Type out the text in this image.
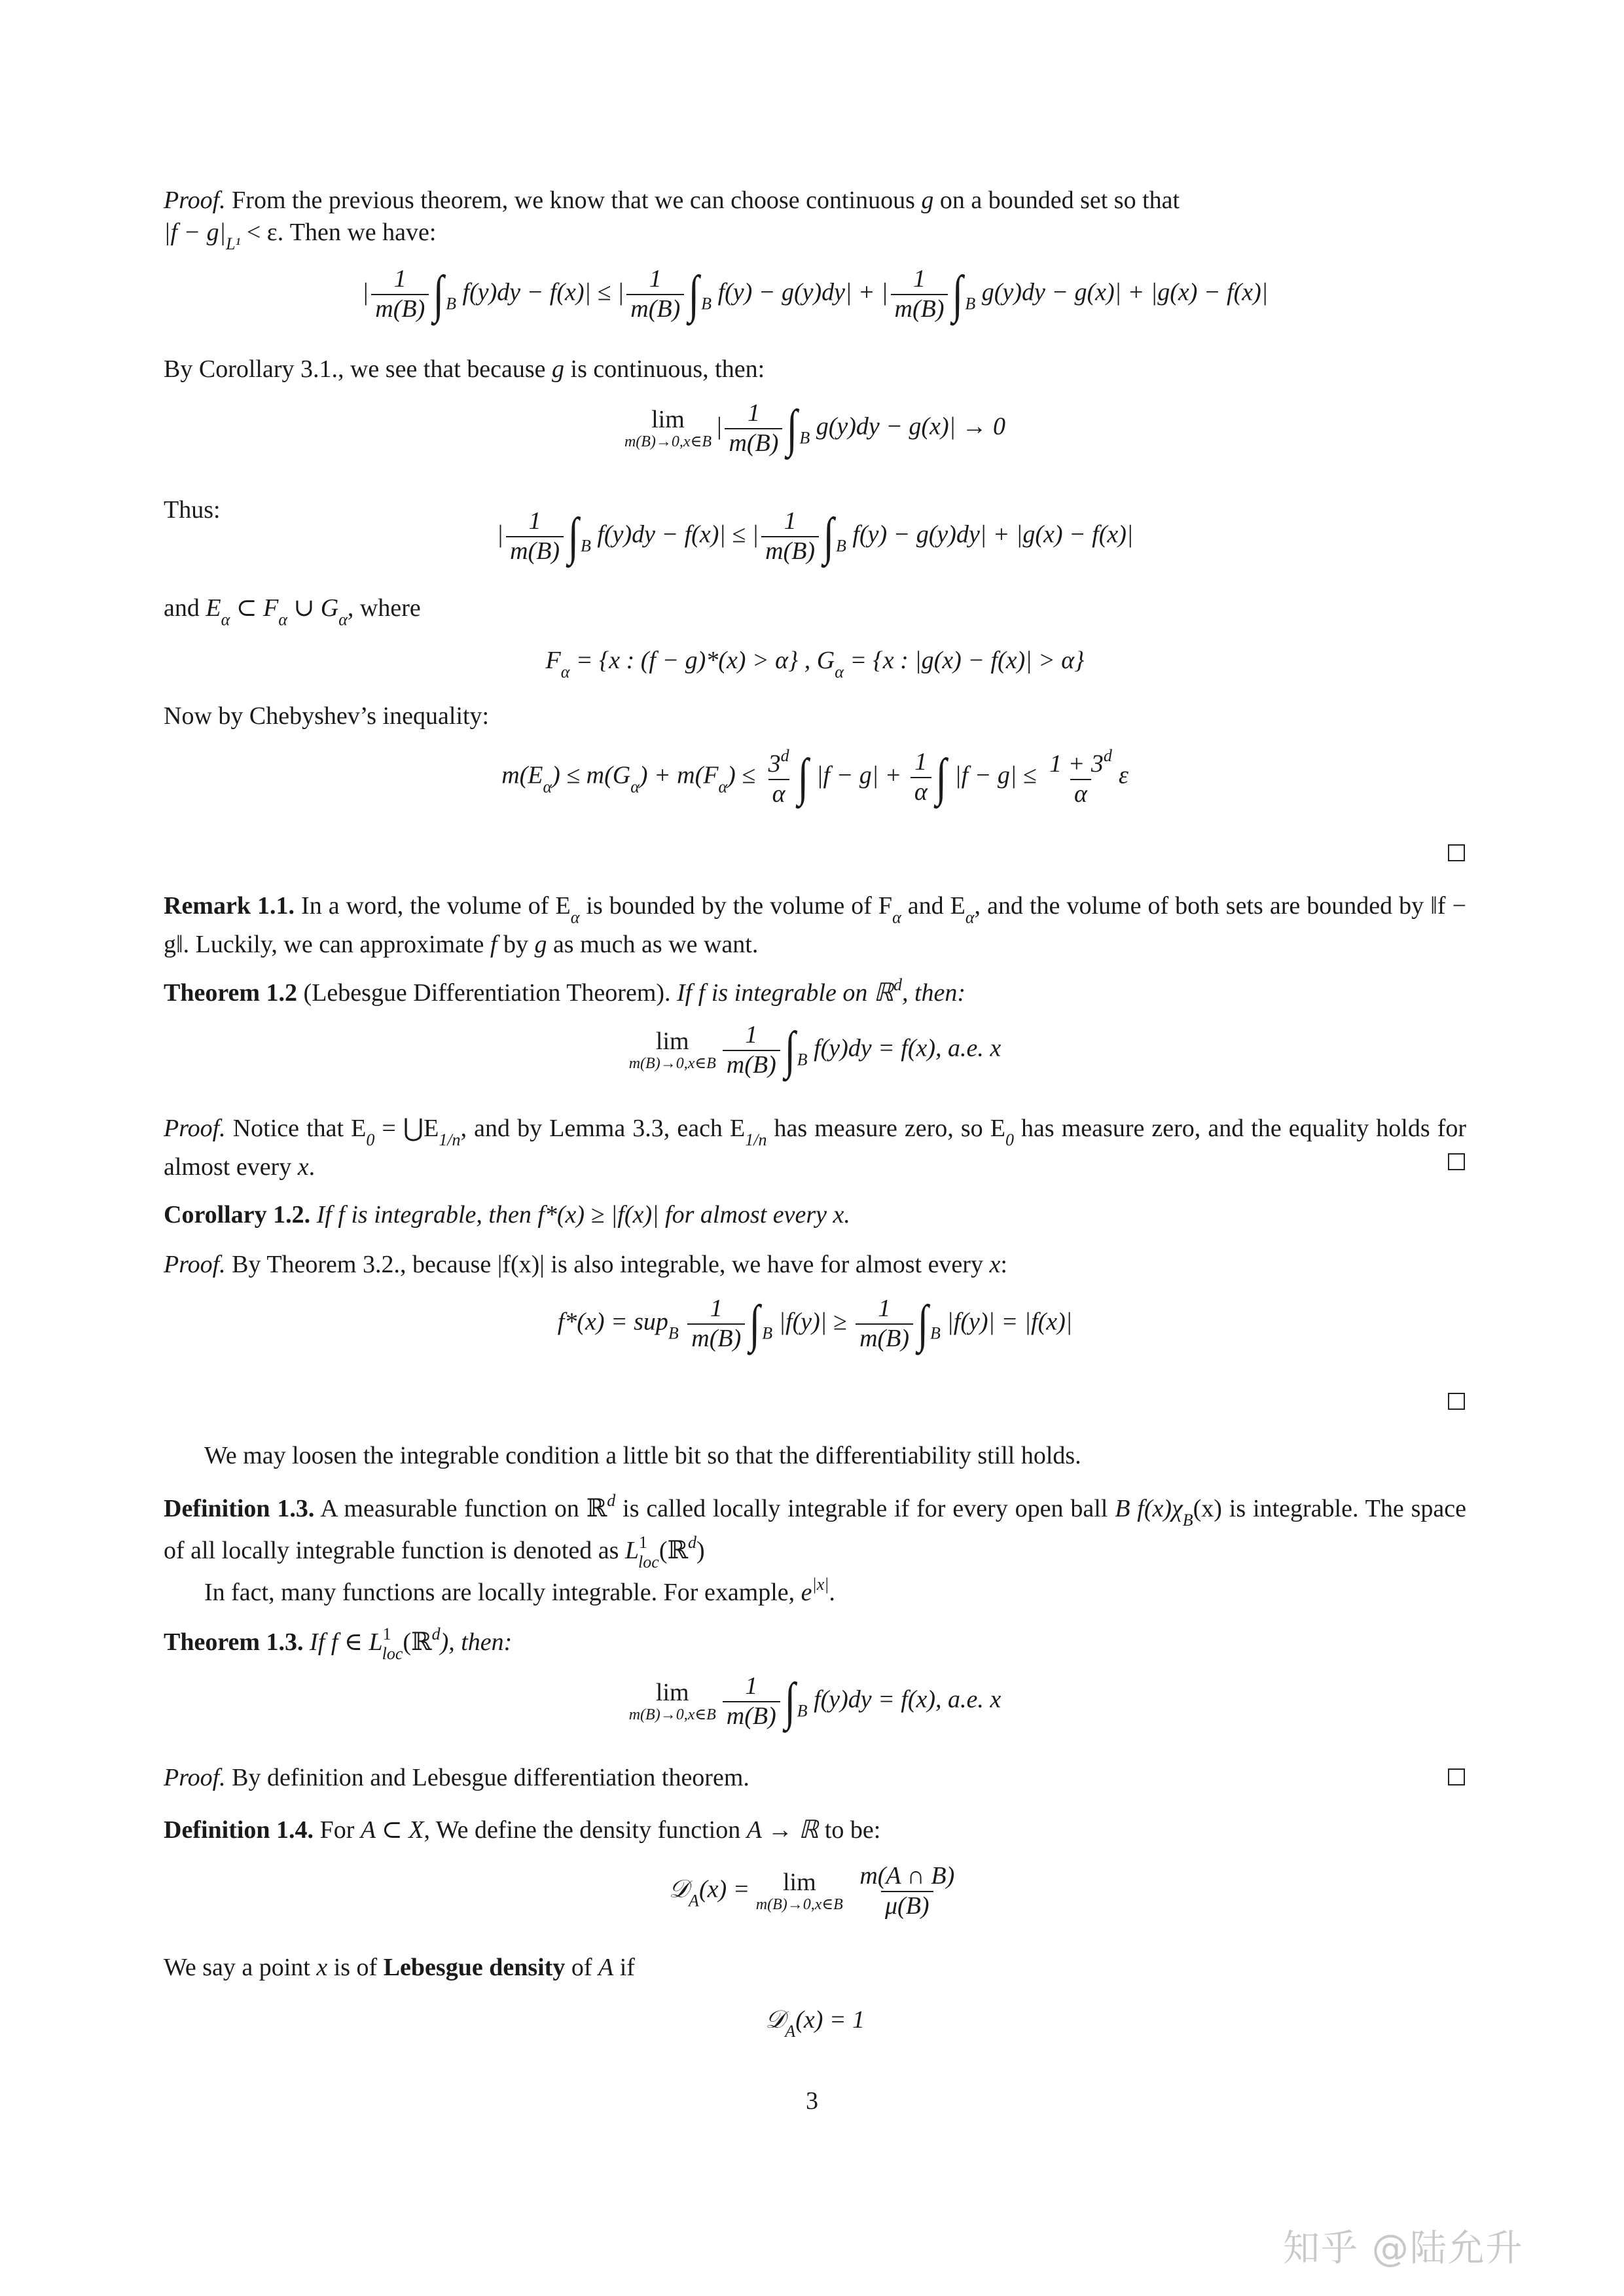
Proof. From the previous theorem, we know that we can choose continuous g on a bounded set so that
$|f - g|_{L^1} < \varepsilon$. Then we have:

| $\frac{1}{m(B)}$ ∫ $_B$ f(y)dy − f(x)| ≤ | $\frac{1}{m(B)}$ ∫ $_B$ f(y) − g(y)dy| + | $\frac{1}{m(B)}$ ∫ $_B$ g(y)dy − g(x)| + |g(x) − f(x)|

By Corollary 3.1., we see that because g is continuous, then:

lim
m(B)→0,x∈B
| $\frac{1}{m(B)}$ ∫ $_B$ g(y)dy − g(x)| → 0

Thus:

| $\frac{1}{m(B)}$ ∫ $_B$ f(y)dy − f(x)| ≤ | $\frac{1}{m(B)}$ ∫ $_B$ f(y) − g(y)dy| + |g(x) − f(x)|

and $E_\alpha$ ⊂ $F_\alpha$ ∪ $G_\alpha$, where

$F_\alpha = \{x$ : (f − g)*(x) > α} , $G_\alpha = \{x$ : |g(x) − f(x)| > α}

Now by Chebyshev’s inequality:

$m(E_\alpha) \le m(G_\alpha) + m(F_\alpha) \le \frac{3^d}{\alpha}$ ∫ $|f - g| + \frac{1}{\alpha}$ ∫ $|f - g| \le \frac{1 + 3^d}{\alpha}$ ε

Remark 1.1. In a word, the volume of $E_\alpha$ is bounded by the volume of $F_\alpha$ and $E_\alpha$, and the volume of both sets are bounded by ‖f − g‖. Luckily, we can approximate f by g as much as we want.

Theorem 1.2 (Lebesgue Differentiation Theorem). If f is integrable on ℝ$^d$, then:

lim
m(B)→0,x∈B $\frac{1}{m(B)}$ ∫ $_B$ f(y)dy = f(x), a.e. x

Proof. Notice that $E_0$ = $⋃E_{1/n}$, and by Lemma 3.3, each $E_{1/n}$ has measure zero, so $E_0$ has measure zero, and the equality holds for almost every x.

Corollary 1.2. If f is integrable, then f*(x) ≥ |f(x)| for almost every x.

Proof. By Theorem 3.2., because |f(x)| is also integrable, we have for almost every x:

$f*(x) = sup_B \frac{1}{m(B)}$ ∫ $_B$ $|f(y)| \ge \frac{1}{m(B)}$ ∫ $_B$ |f(y)| = |f(x)|

We may loosen the integrable condition a little bit so that the differentiability still holds.

Definition 1.3. A measurable function on ℝ$^d$ is called locally integrable if for every open ball B $f(x)\chi_B(x)$ is integrable. The space of all locally integrable function is denoted as $L^1_{loc}(ℝ^d)$

In fact, many functions are locally integrable. For example, $e^{|x|}$.

Theorem 1.3. If f ∈ $L^1_{loc}(ℝ^d)$, then:

lim
m(B)→0,x∈B $\frac{1}{m(B)}$ ∫ $_B$ f(y)dy = f(x), a.e. x

Proof. By definition and Lebesgue differentiation theorem.

Definition 1.4. For A ⊂ X, We define the density function A → ℝ to be:

𝒟$_A$(x) = lim
m(B)→0,x∈B
$\frac{m(A \cap B)}{\mu(B)}$

We say a point x is of Lebesgue density of A if

𝒟$_A$(x) = 1
3
知乎 @陆允升
